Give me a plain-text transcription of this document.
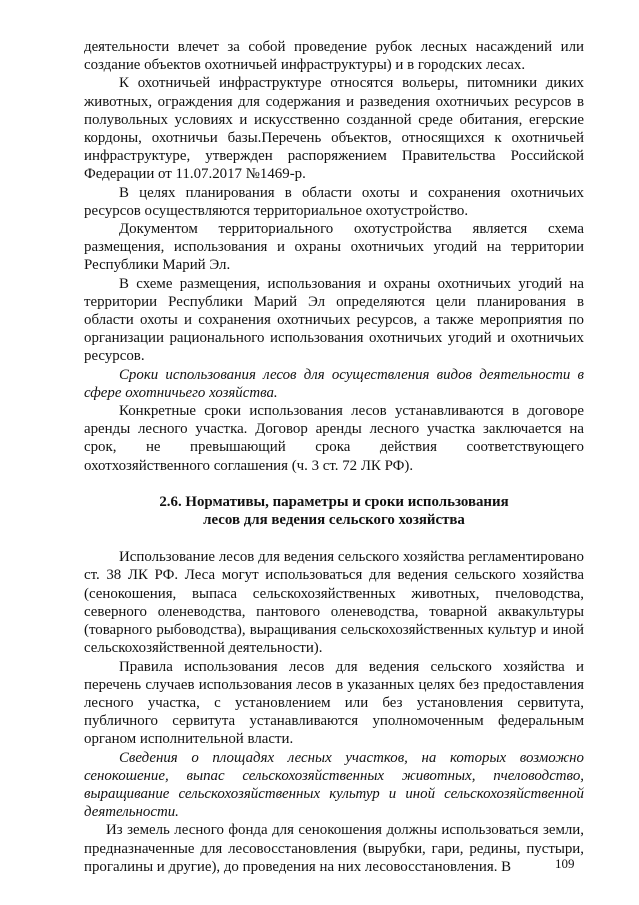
деятельности влечет за собой проведение рубок лесных насаждений или создание объектов охотничьей инфраструктуры) и в городских лесах.

К охотничьей инфраструктуре относятся вольеры, питомники диких животных, ограждения для содержания и разведения охотничьих ресурсов в полувольных условиях и искусственно созданной среде обитания, егерские кордоны, охотничьи базы.Перечень объектов, относящихся к охотничьей инфраструктуре, утвержден распоряжением Правительства Российской Федерации от 11.07.2017 №1469-р.

В целях планирования в области охоты и сохранения охотничьих ресурсов осуществляются территориальное охотустройство.

Документом территориального охотустройства является схема размещения, использования и охраны охотничьих угодий на территории Республики Марий Эл.

В схеме размещения, использования и охраны охотничьих угодий на территории Республики Марий Эл определяются цели планирования в области охоты и сохранения охотничьих ресурсов, а также мероприятия по организации рационального использования охотничьих угодий и охотничьих ресурсов.

Сроки использования лесов для осуществления видов деятельности в сфере охотничьего хозяйства.

Конкретные сроки использования лесов устанавливаются в договоре аренды лесного участка. Договор аренды лесного участка заключается на срок, не превышающий срока действия соответствующего охотхозяйственного соглашения (ч. 3 ст. 72 ЛК РФ).

2.6. Нормативы, параметры и сроки использования
лесов для ведения сельского хозяйства

Использование лесов для ведения сельского хозяйства регламентировано ст. 38 ЛК РФ. Леса могут использоваться для ведения сельского хозяйства (сенокошения, выпаса сельскохозяйственных животных, пчеловодства, северного оленеводства, пантового оленеводства, товарной аквакультуры (товарного рыбоводства), выращивания сельскохозяйственных культур и иной сельскохозяйственной деятельности).

Правила использования лесов для ведения сельского хозяйства и перечень случаев использования лесов в указанных целях без предоставления лесного участка, с установлением или без установления сервитута, публичного сервитута устанавливаются уполномоченным федеральным органом исполнительной власти.

Сведения о площадях лесных участков, на которых возможно сенокошение, выпас сельскохозяйственных животных, пчеловодство, выращивание сельскохозяйственных культур и иной сельскохозяйственной деятельности.

Из земель лесного фонда для сенокошения должны использоваться земли, предназначенные для лесовосстановления (вырубки, гари, редины, пустыри, прогалины и другие), до проведения на них лесовосстановления. В	109
